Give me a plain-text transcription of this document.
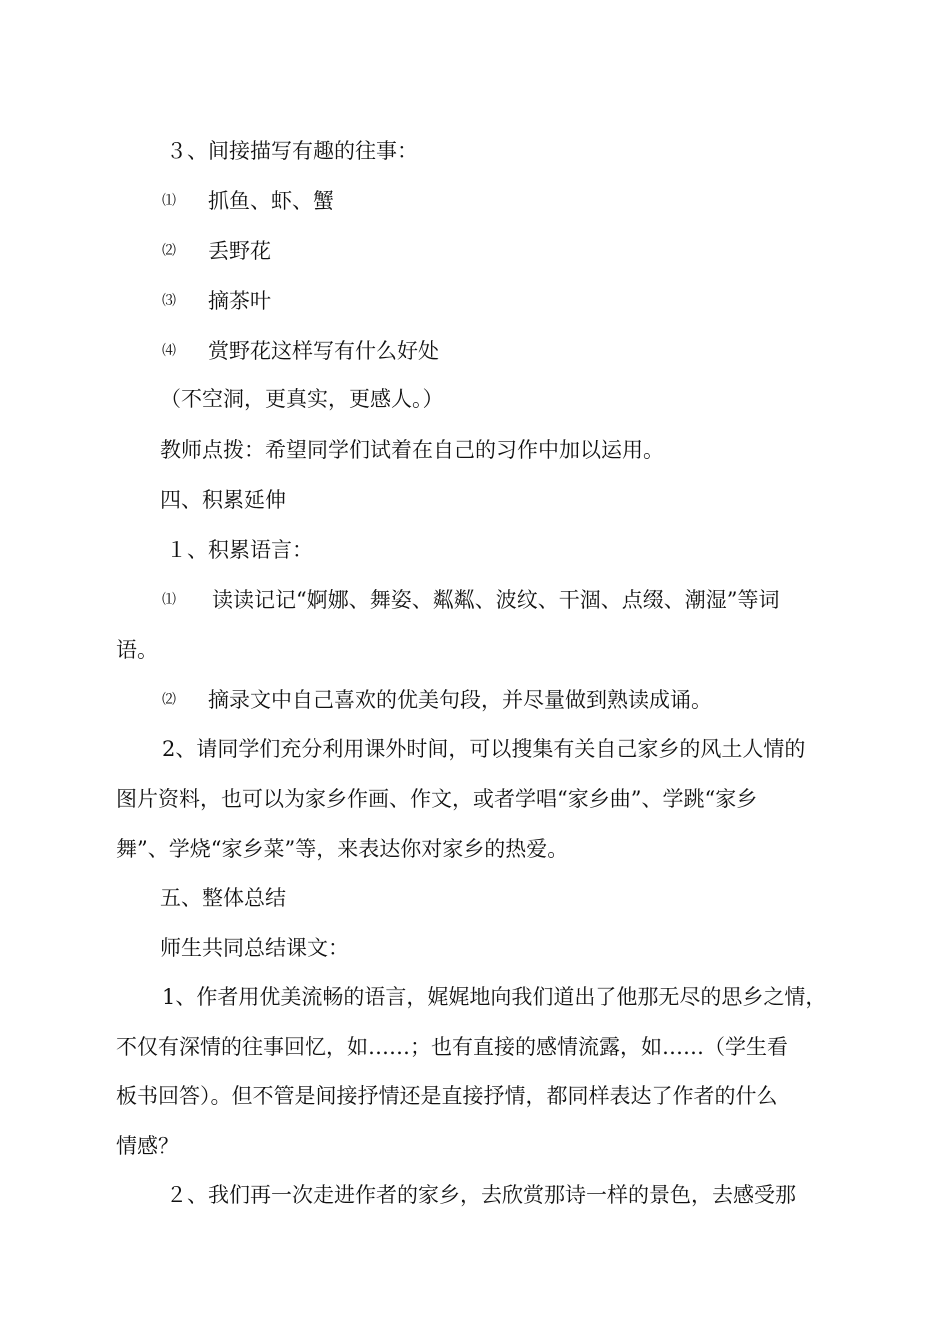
３、间接描写有趣的往事：
⑴ 抓鱼、虾、蟹
⑵ 丢野花
⑶ 摘茶叶
⑷ 赏野花这样写有什么好处
（不空洞，更真实，更感人。）
教师点拨：希望同学们试着在自己的习作中加以运用。
四、积累延伸
１、积累语言：
⑴ 读读记记“婀娜、舞姿、粼粼、波纹、干涸、点缀、潮湿”等词
语。
⑵ 摘录文中自己喜欢的优美句段，并尽量做到熟读成诵。
2、请同学们充分利用课外时间，可以搜集有关自己家乡的风土人情的
图片资料，也可以为家乡作画、作文，或者学唱“家乡曲”、学跳“家乡
舞”、学烧“家乡菜”等，来表达你对家乡的热爱。
五、整体总结
师生共同总结课文：
1、作者用优美流畅的语言，娓娓地向我们道出了他那无尽的思乡之情，
不仅有深情的往事回忆，如……；也有直接的感情流露，如……（学生看
板书回答）。但不管是间接抒情还是直接抒情，都同样表达了作者的什么
情感？
２、我们再一次走进作者的家乡，去欣赏那诗一样的景色，去感受那
